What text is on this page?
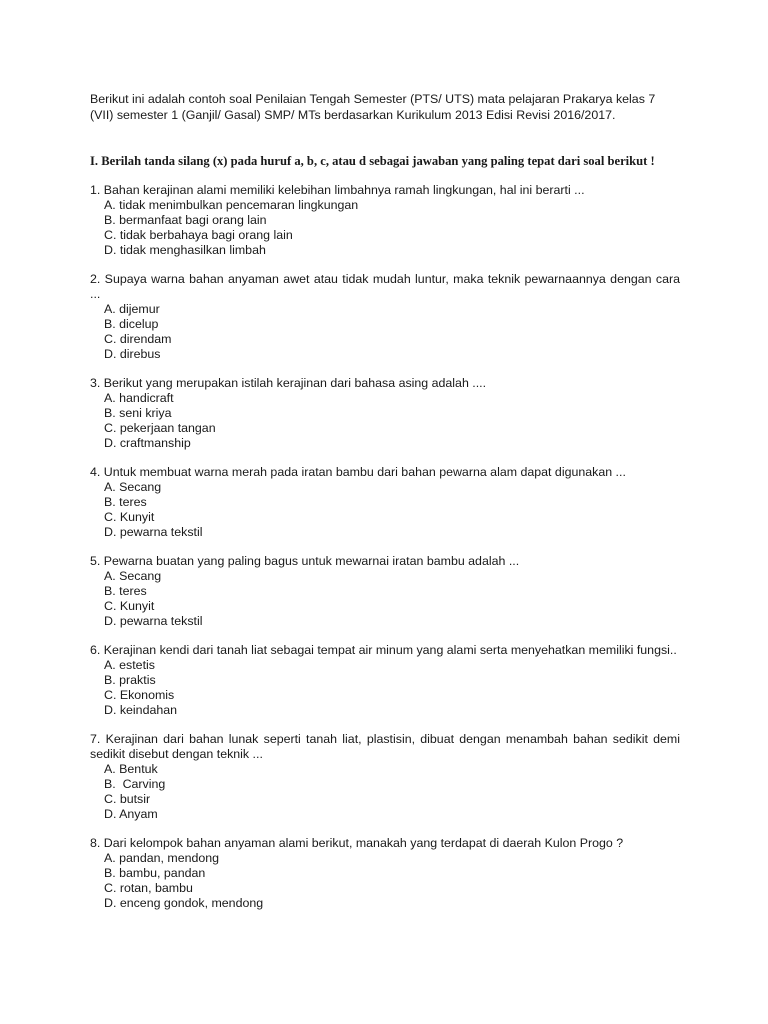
Berikut ini adalah contoh soal Penilaian Tengah Semester (PTS/ UTS) mata pelajaran Prakarya kelas 7 (VII) semester 1 (Ganjil/ Gasal) SMP/ MTs berdasarkan Kurikulum 2013 Edisi Revisi 2016/2017.

I. Berilah tanda silang (x) pada huruf a, b, c, atau d sebagai jawaban yang paling tepat dari soal berikut !

1. Bahan kerajinan alami memiliki kelebihan limbahnya ramah lingkungan, hal ini berarti ...

A. tidak menimbulkan pencemaran lingkungan
B. bermanfaat bagi orang lain
C. tidak berbahaya bagi orang lain
D. tidak menghasilkan limbah

2. Supaya warna bahan anyaman awet atau tidak mudah luntur, maka teknik pewarnaannya dengan cara ...

A. dijemur
B. dicelup
C. direndam
D. direbus

3. Berikut yang merupakan istilah kerajinan dari bahasa asing adalah ....

A. handicraft
B. seni kriya
C. pekerjaan tangan
D. craftmanship

4. Untuk membuat warna merah pada iratan bambu dari bahan pewarna alam dapat digunakan ...

A. Secang
B. teres
C. Kunyit
D. pewarna tekstil

5. Pewarna buatan yang paling bagus untuk mewarnai iratan bambu adalah ...

A. Secang
B. teres
C. Kunyit
D. pewarna tekstil

6. Kerajinan kendi dari tanah liat sebagai tempat air minum yang alami serta menyehatkan memiliki fungsi..

A. estetis
B. praktis
C. Ekonomis
D. keindahan

7. Kerajinan dari bahan lunak seperti tanah liat, plastisin, dibuat dengan menambah bahan sedikit demi sedikit disebut dengan teknik ...

A. Bentuk
B.  Carving
C. butsir
D. Anyam

8. Dari kelompok bahan anyaman alami berikut, manakah yang terdapat di daerah Kulon Progo ?

A. pandan, mendong
B. bambu, pandan
C. rotan, bambu
D. enceng gondok, mendong
